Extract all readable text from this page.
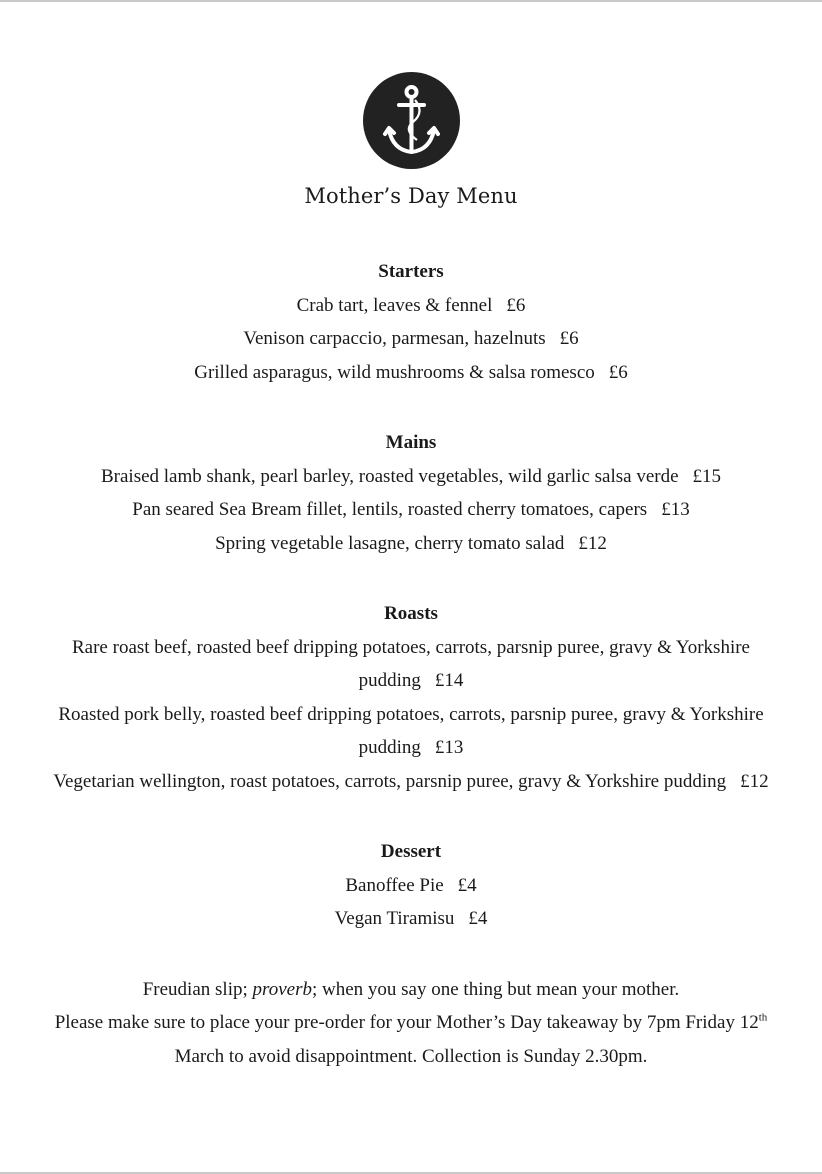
Mother’s Day Menu

Starters

Crab tart, leaves & fennel £6

Venison carpaccio, parmesan, hazelnuts £6

Grilled asparagus, wild mushrooms & salsa romesco £6

Mains

Braised lamb shank, pearl barley, roasted vegetables, wild garlic salsa verde £15

Pan seared Sea Bream fillet, lentils, roasted cherry tomatoes, capers £13

Spring vegetable lasagne, cherry tomato salad £12

Roasts

Rare roast beef, roasted beef dripping potatoes, carrots, parsnip puree, gravy & Yorkshire pudding £14

Roasted pork belly, roasted beef dripping potatoes, carrots, parsnip puree, gravy & Yorkshire pudding £13

Vegetarian wellington, roast potatoes, carrots, parsnip puree, gravy & Yorkshire pudding £12

Dessert

Banoffee Pie £4

Vegan Tiramisu £4

Freudian slip; proverb; when you say one thing but mean your mother.

Please make sure to place your pre-order for your Mother’s Day takeaway by 7pm Friday 12th March to avoid disappointment. Collection is Sunday 2.30pm.
